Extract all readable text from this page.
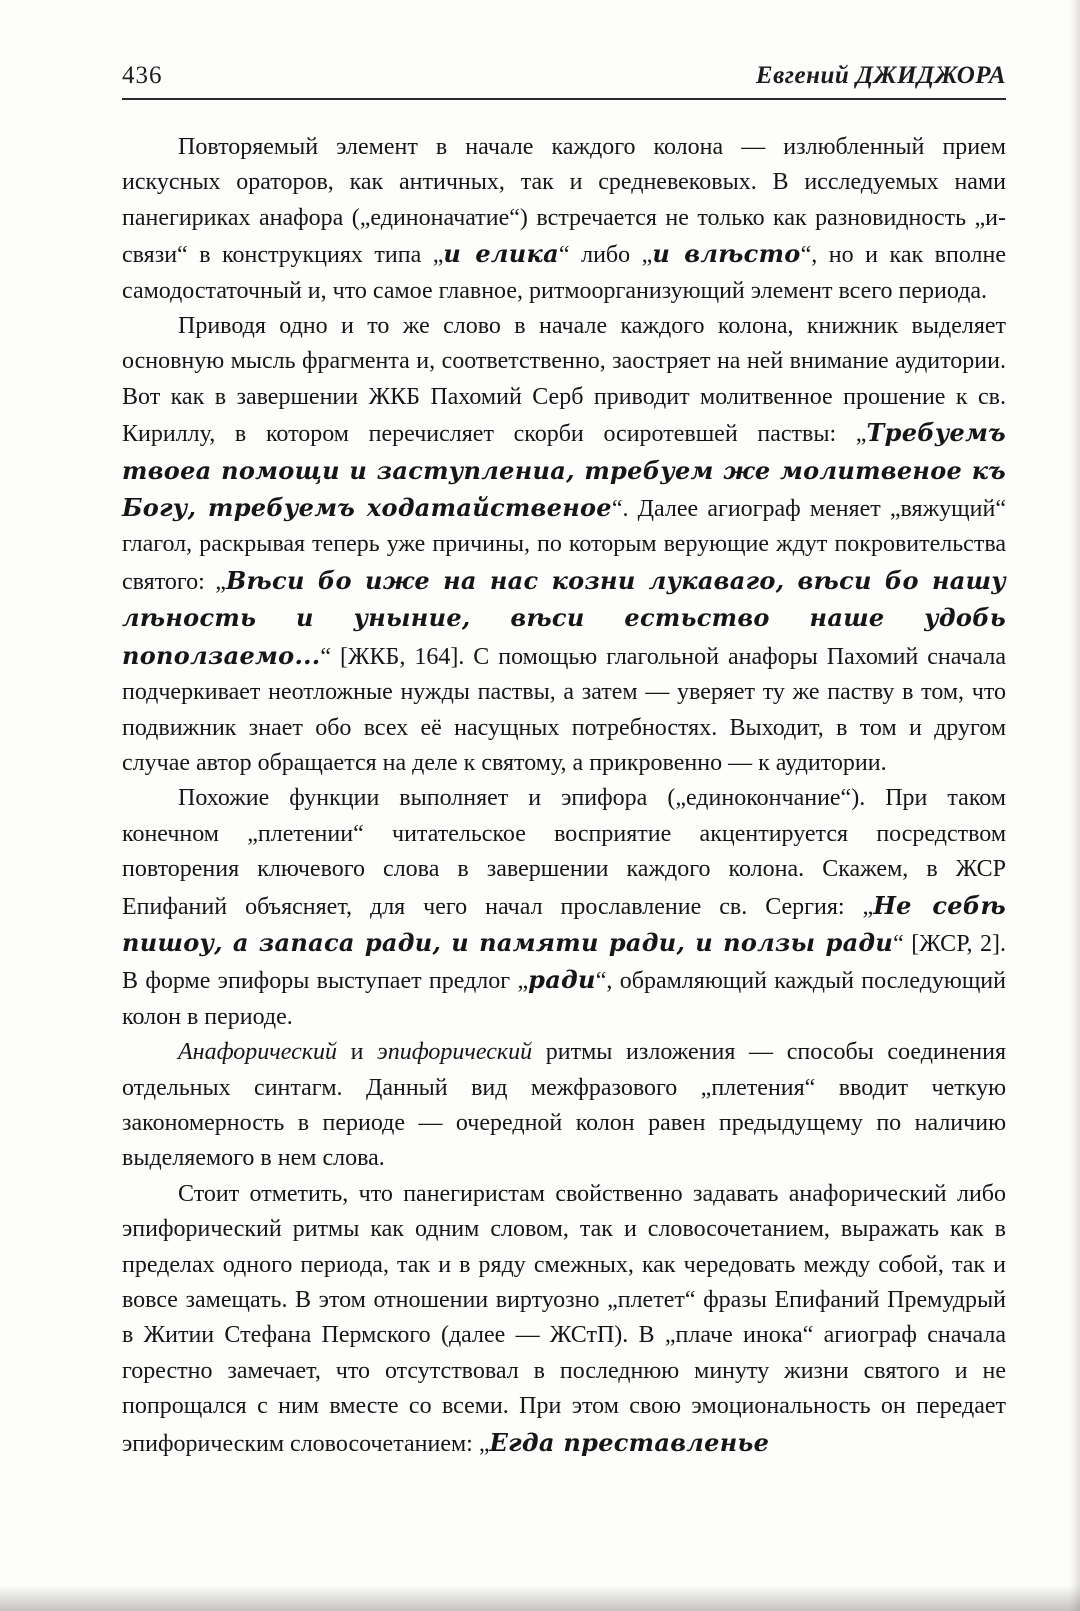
436	Евгений ДЖИДЖОРА

Повторяемый элемент в начале каждого колона — излюбленный прием искусных ораторов, как античных, так и средневековых. В исследуемых нами панегириках анафора („единоначатие“) встречается не только как разновидность „и-связи“ в конструкциях типа „и елика“ либо „и влѣсто“, но и как вполне самодостаточный и, что самое главное, ритмоорганизующий элемент всего периода.

Приводя одно и то же слово в начале каждого колона, книжник выделяет основную мысль фрагмента и, соответственно, заостряет на ней внимание аудитории. Вот как в завершении ЖКБ Пахомий Серб приводит молитвенное прошение к св. Кириллу, в котором перечисляет скорби осиротевшей паствы: „Требуемъ твоеа помощи и заступлениа, требуем же молитвеное къ Богу, требуемъ ходатайственое“. Далее агиограф меняет „вяжущий“ глагол, раскрывая теперь уже причины, по которым верующие ждут покровительства святого: „Вѣси бо иже на нас козни лукаваго, вѣси бо нашу лѣность и уныние, вѣси естьство наше удобь поползаемо...“ [ЖКБ, 164]. С помощью глагольной анафоры Пахомий сначала подчеркивает неотложные нужды паствы, а затем — уверяет ту же паству в том, что подвижник знает обо всех её насущных потребностях. Выходит, в том и другом случае автор обращается на деле к святому, а прикровенно — к аудитории.

Похожие функции выполняет и эпифора („единокончание“). При таком конечном „плетении“ читательское восприятие акцентируется посредством повторения ключевого слова в завершении каждого колона. Скажем, в ЖСР Епифаний объясняет, для чего начал прославление св. Сергия: „Не себѣ пишоу, а запаса ради, и памяти ради, и ползы ради“ [ЖСР, 2]. В форме эпифоры выступает предлог „ради“, обрамляющий каждый последующий колон в периоде.

Анафорический и эпифорический ритмы изложения — способы соединения отдельных синтагм. Данный вид межфразового „плетения“ вводит четкую закономерность в периоде — очередной колон равен предыдущему по наличию выделяемого в нем слова.

Стоит отметить, что панегиристам свойственно задавать анафорический либо эпифорический ритмы как одним словом, так и словосочетанием, выражать как в пределах одного периода, так и в ряду смежных, как чередовать между собой, так и вовсе замещать. В этом отношении виртуозно „плетет“ фразы Епифаний Премудрый в Житии Стефана Пермского (далее — ЖСтП). В „плаче инока“ агиограф сначала горестно замечает, что отсутствовал в последнюю минуту жизни святого и не попрощался с ним вместе со всеми. При этом свою эмоциональность он передает эпифорическим словосочетанием: „Егда преставленье
